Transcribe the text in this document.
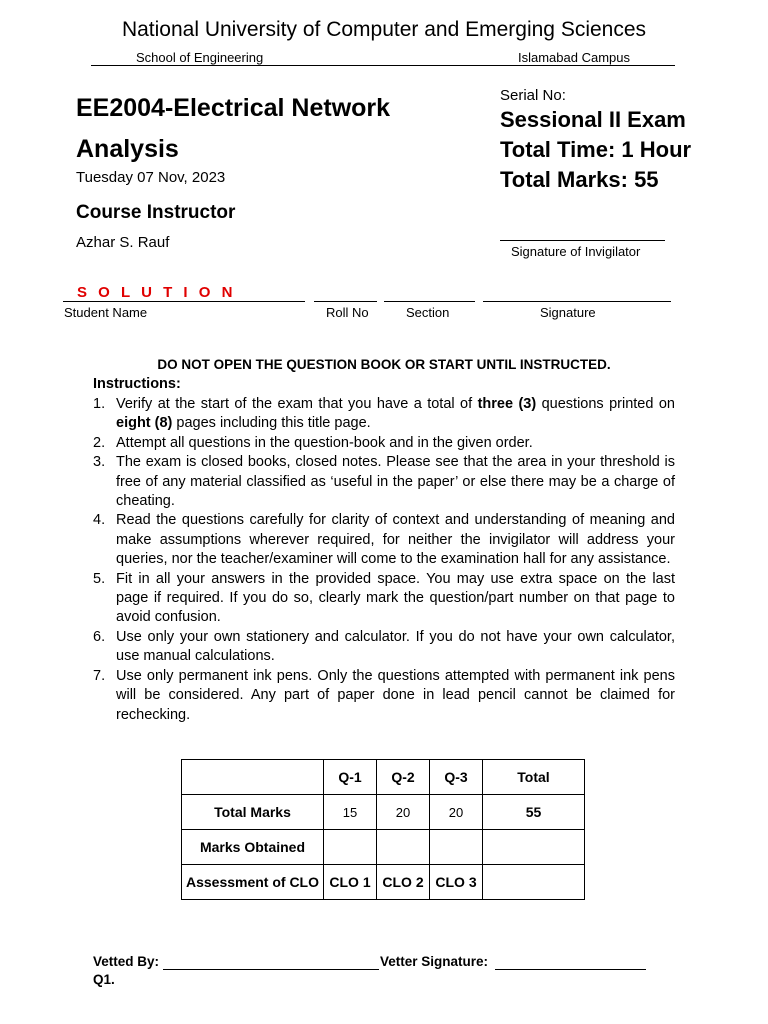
National University of Computer and Emerging Sciences
School of Engineering	Islamabad Campus
EE2004-Electrical Network Analysis
Tuesday 07 Nov, 2023
Course Instructor
Azhar S. Rauf
Serial No:
Sessional II Exam
Total Time: 1 Hour
Total Marks: 55
Signature of Invigilator
S O L U T I O N
Student Name	Roll No	Section	Signature
DO NOT OPEN THE QUESTION BOOK OR START UNTIL INSTRUCTED.
Instructions:
1. Verify at the start of the exam that you have a total of three (3) questions printed on eight (8) pages including this title page.
2. Attempt all questions in the question-book and in the given order.
3. The exam is closed books, closed notes. Please see that the area in your threshold is free of any material classified as ‘useful in the paper’ or else there may be a charge of cheating.
4. Read the questions carefully for clarity of context and understanding of meaning and make assumptions wherever required, for neither the invigilator will address your queries, nor the teacher/examiner will come to the examination hall for any assistance.
5. Fit in all your answers in the provided space. You may use extra space on the last page if required. If you do so, clearly mark the question/part number on that page to avoid confusion.
6. Use only your own stationery and calculator. If you do not have your own calculator, use manual calculations.
7. Use only permanent ink pens. Only the questions attempted with permanent ink pens will be considered. Any part of paper done in lead pencil cannot be claimed for rechecking.
	Q-1	Q-2	Q-3	Total
Total Marks	15	20	20	55
Marks Obtained				
Assessment of CLO	CLO 1	CLO 2	CLO 3	
Vetted By:	Vetter Signature:
Q1.
